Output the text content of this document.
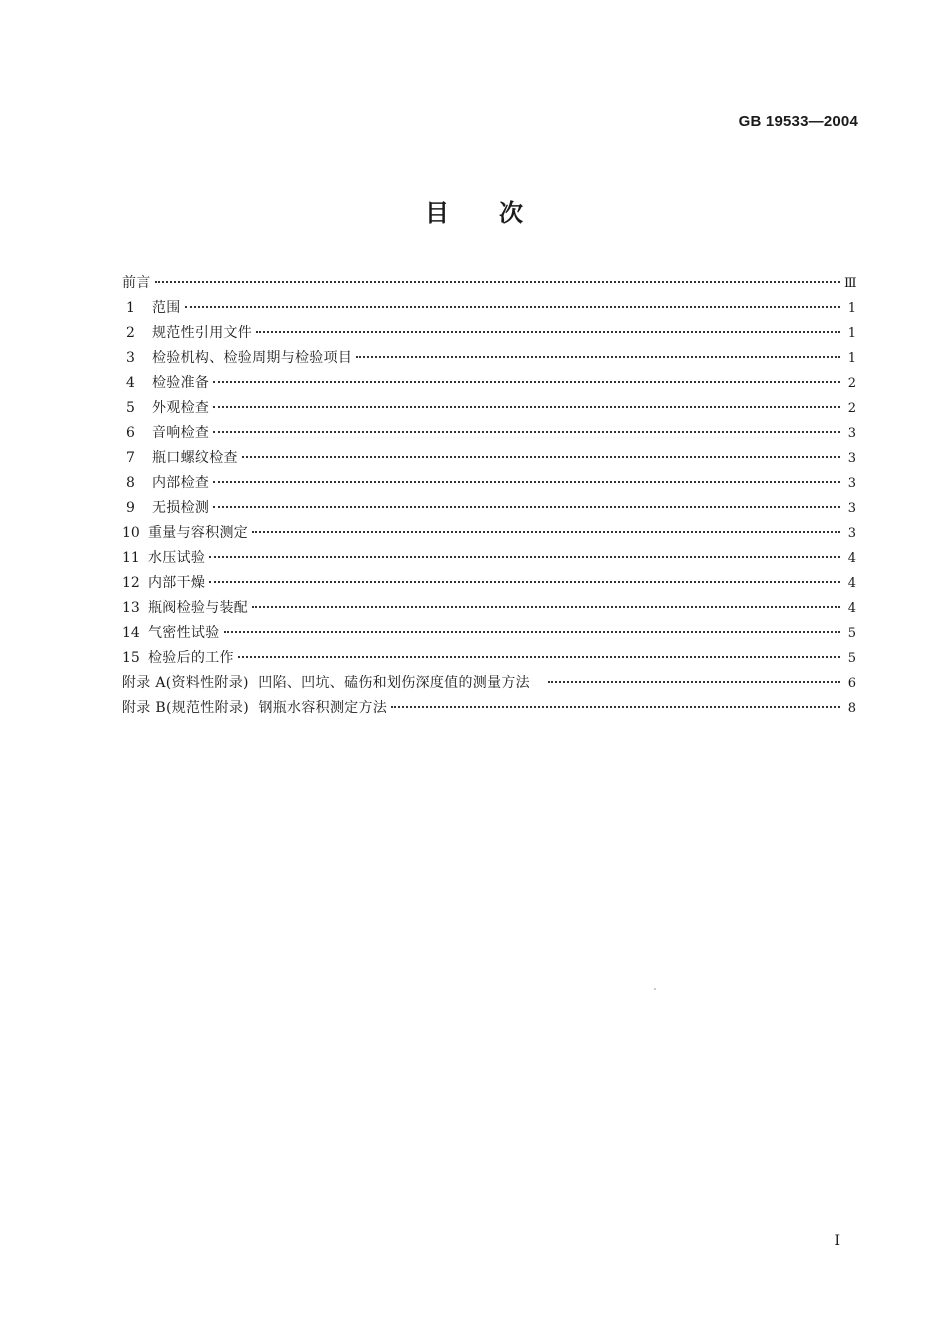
GB 19533—2004
目 次
前言	Ⅲ
1	范围	1
2	规范性引用文件	1
3	检验机构、检验周期与检验项目	1
4	检验准备	2
5	外观检查	2
6	音响检查	3
7	瓶口螺纹检查	3
8	内部检查	3
9	无损检测	3
10 重量与容积测定	3
11 水压试验	4
12 内部干燥	4
13 瓶阀检验与装配	4
14 气密性试验	5
15 检验后的工作	5
附录 A(资料性附录)  凹陷、凹坑、磕伤和划伤深度值的测量方法	6
附录 B(规范性附录)  钢瓶水容积测定方法	8
I
